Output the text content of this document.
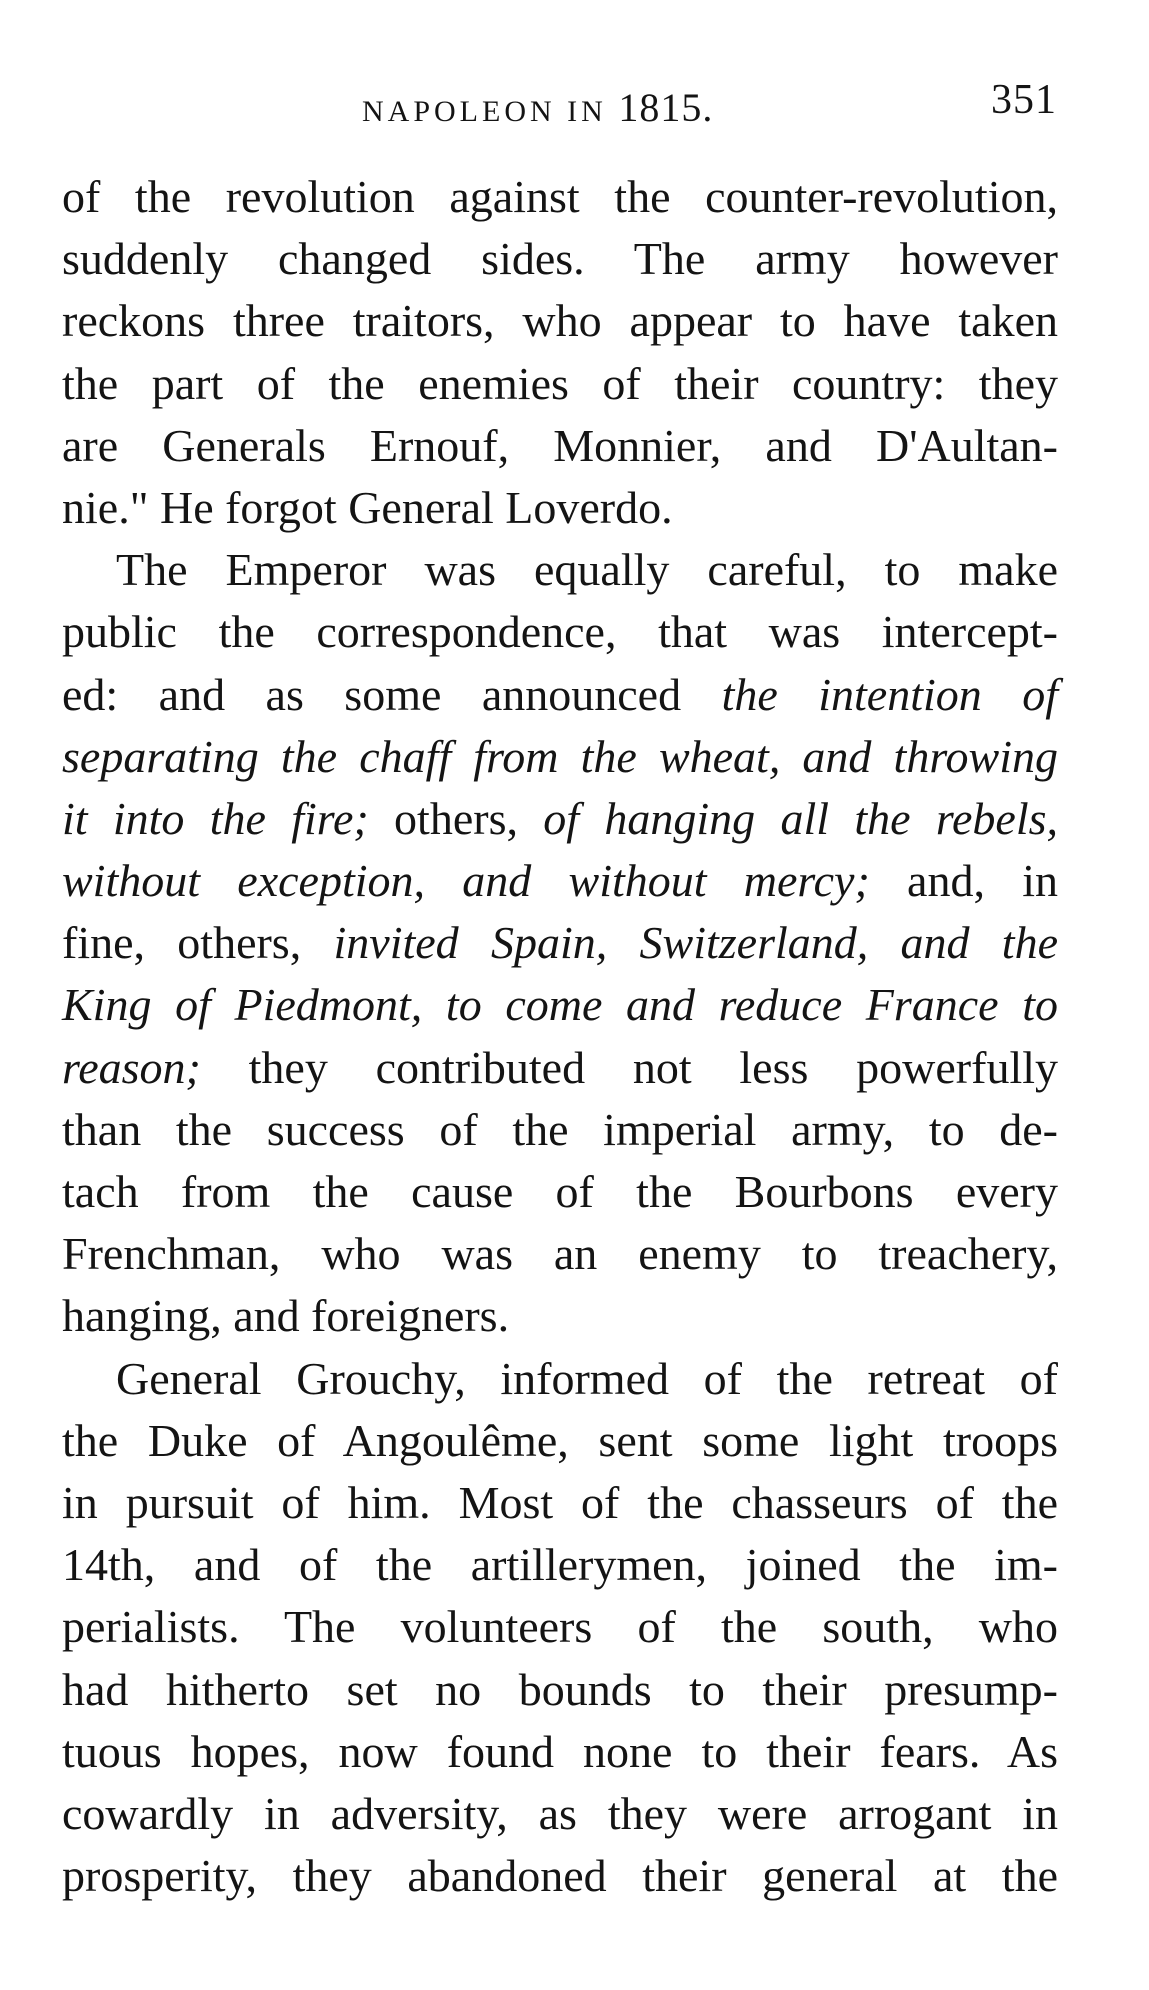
NAPOLEON IN 1815.	351
of the revolution against the counter-revolution,
suddenly changed sides. The army however
reckons three traitors, who appear to have taken
the part of the enemies of their country: they
are Generals Ernouf, Monnier, and D'Aultan-
nie." He forgot General Loverdo.
The Emperor was equally careful, to make
public the correspondence, that was intercept-
ed: and as some announced the intention of
separating the chaff from the wheat, and throwing
it into the fire; others, of hanging all the rebels,
without exception, and without mercy; and, in
fine, others, invited Spain, Switzerland, and the
King of Piedmont, to come and reduce France to
reason; they contributed not less powerfully
than the success of the imperial army, to de-
tach from the cause of the Bourbons every
Frenchman, who was an enemy to treachery,
hanging, and foreigners.
General Grouchy, informed of the retreat of
the Duke of Angoulême, sent some light troops
in pursuit of him. Most of the chasseurs of the
14th, and of the artillerymen, joined the im-
perialists. The volunteers of the south, who
had hitherto set no bounds to their presump-
tuous hopes, now found none to their fears. As
cowardly in adversity, as they were arrogant in
prosperity, they abandoned their general at the
